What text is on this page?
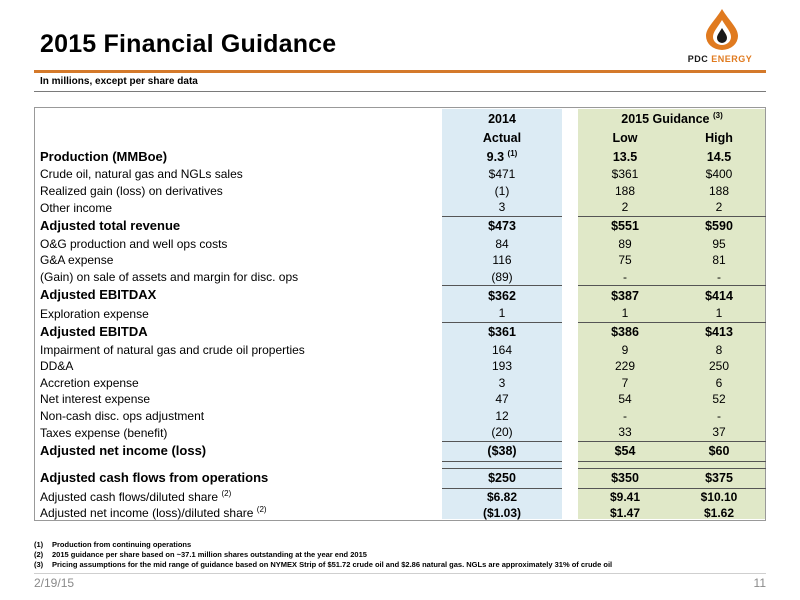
2015 Financial Guidance
PDC ENERGY
In millions, except per share data
	2014		2015 Guidance $^{(3)}$
	Actual		Low	High
Production (MMBoe)	9.3 $^{(1)}$		13.5	14.5
Crude oil, natural gas and NGLs sales	$471		$361	$400
Realized gain (loss) on derivatives	(1)		188	188
Other income	3		2	2
Adjusted total revenue	$473		$551	$590
O&G production and well ops costs	84		89	95
G&A expense	116		75	81
(Gain) on sale of assets and margin for disc. ops	(89)		-	-
Adjusted EBITDAX	$362		$387	$414
Exploration expense	1		1	1
Adjusted EBITDA	$361		$386	$413
Impairment of natural gas and crude oil properties	164		9	8
DD&A	193		229	250
Accretion expense	3		7	6
Net interest expense	47		54	52
Non-cash disc. ops adjustment	12		-	-
Taxes expense (benefit)	(20)		33	37
Adjusted net income (loss)	($38)		$54	$60

Adjusted cash flows from operations	$250		$350	$375
Adjusted cash flows/diluted share $^{(2)}$	$6.82		$9.41	$10.10
Adjusted net income (loss)/diluted share $^{(2)}$	($1.03)		$1.47	$1.62
(1)	Production from continuing operations
(2)	2015 guidance per share based on ~37.1 million shares outstanding at the year end 2015
(3)	Pricing assumptions for the mid range of guidance based on NYMEX Strip of $51.72 crude oil and $2.86 natural gas. NGLs are approximately 31% of crude oil
2/19/15	11
